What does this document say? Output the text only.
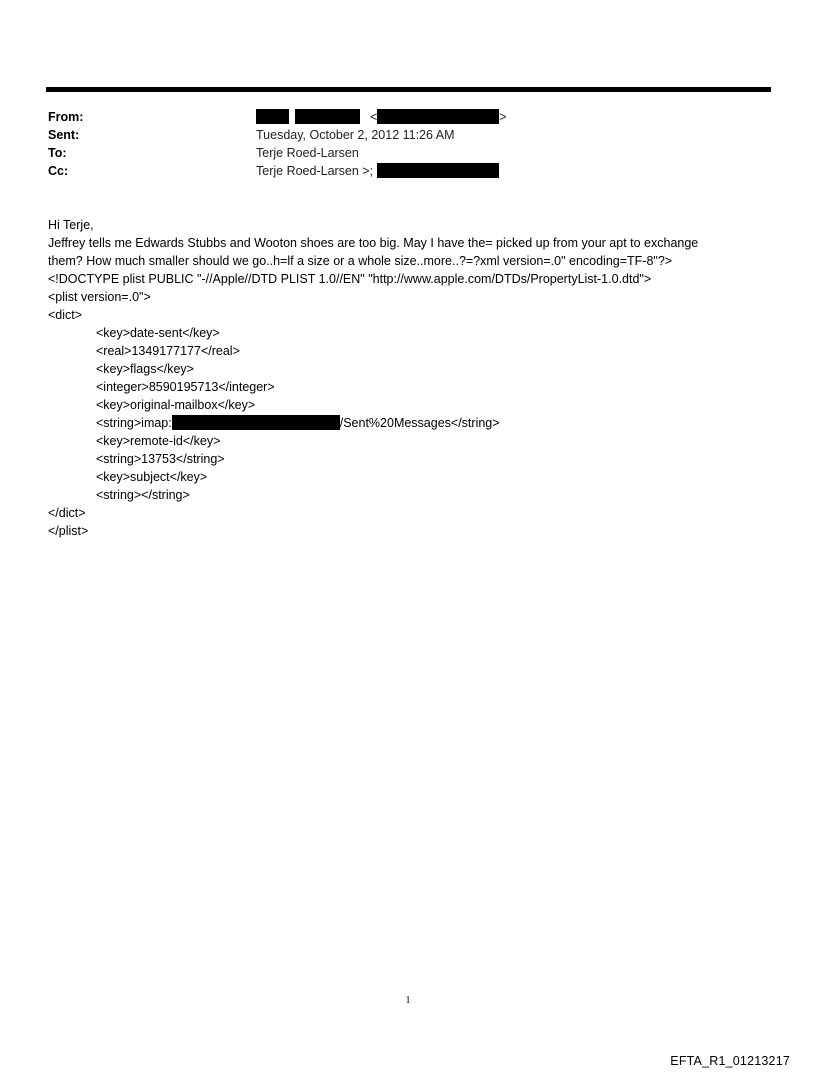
From:	<	>
Sent:	Tuesday, October 2, 2012 11:26 AM
To:	Terje Roed-Larsen
Cc:	Terje Roed-Larsen >;
Hi Terje,
Jeffrey tells me Edwards Stubbs and Wooton shoes are too big. May I have the= picked up from your apt to exchange
them? How much smaller should we go..h=lf a size or a whole size..more..?=?xml version=.0" encoding=TF-8"?>
<!DOCTYPE plist PUBLIC "-//Apple//DTD PLIST 1.0//EN" "http://www.apple.com/DTDs/PropertyList-1.0.dtd">
<plist version=.0">
<dict>
<key>date-sent</key>
<real>1349177177</real>
<key>flags</key>
<integer>8590195713</integer>
<key>original-mailbox</key>
<string>imap:	/Sent%20Messages</string>
<key>remote-id</key>
<string>13753</string>
<key>subject</key>
<string></string>
</dict>
</plist>
1
EFTA_R1_01213217
